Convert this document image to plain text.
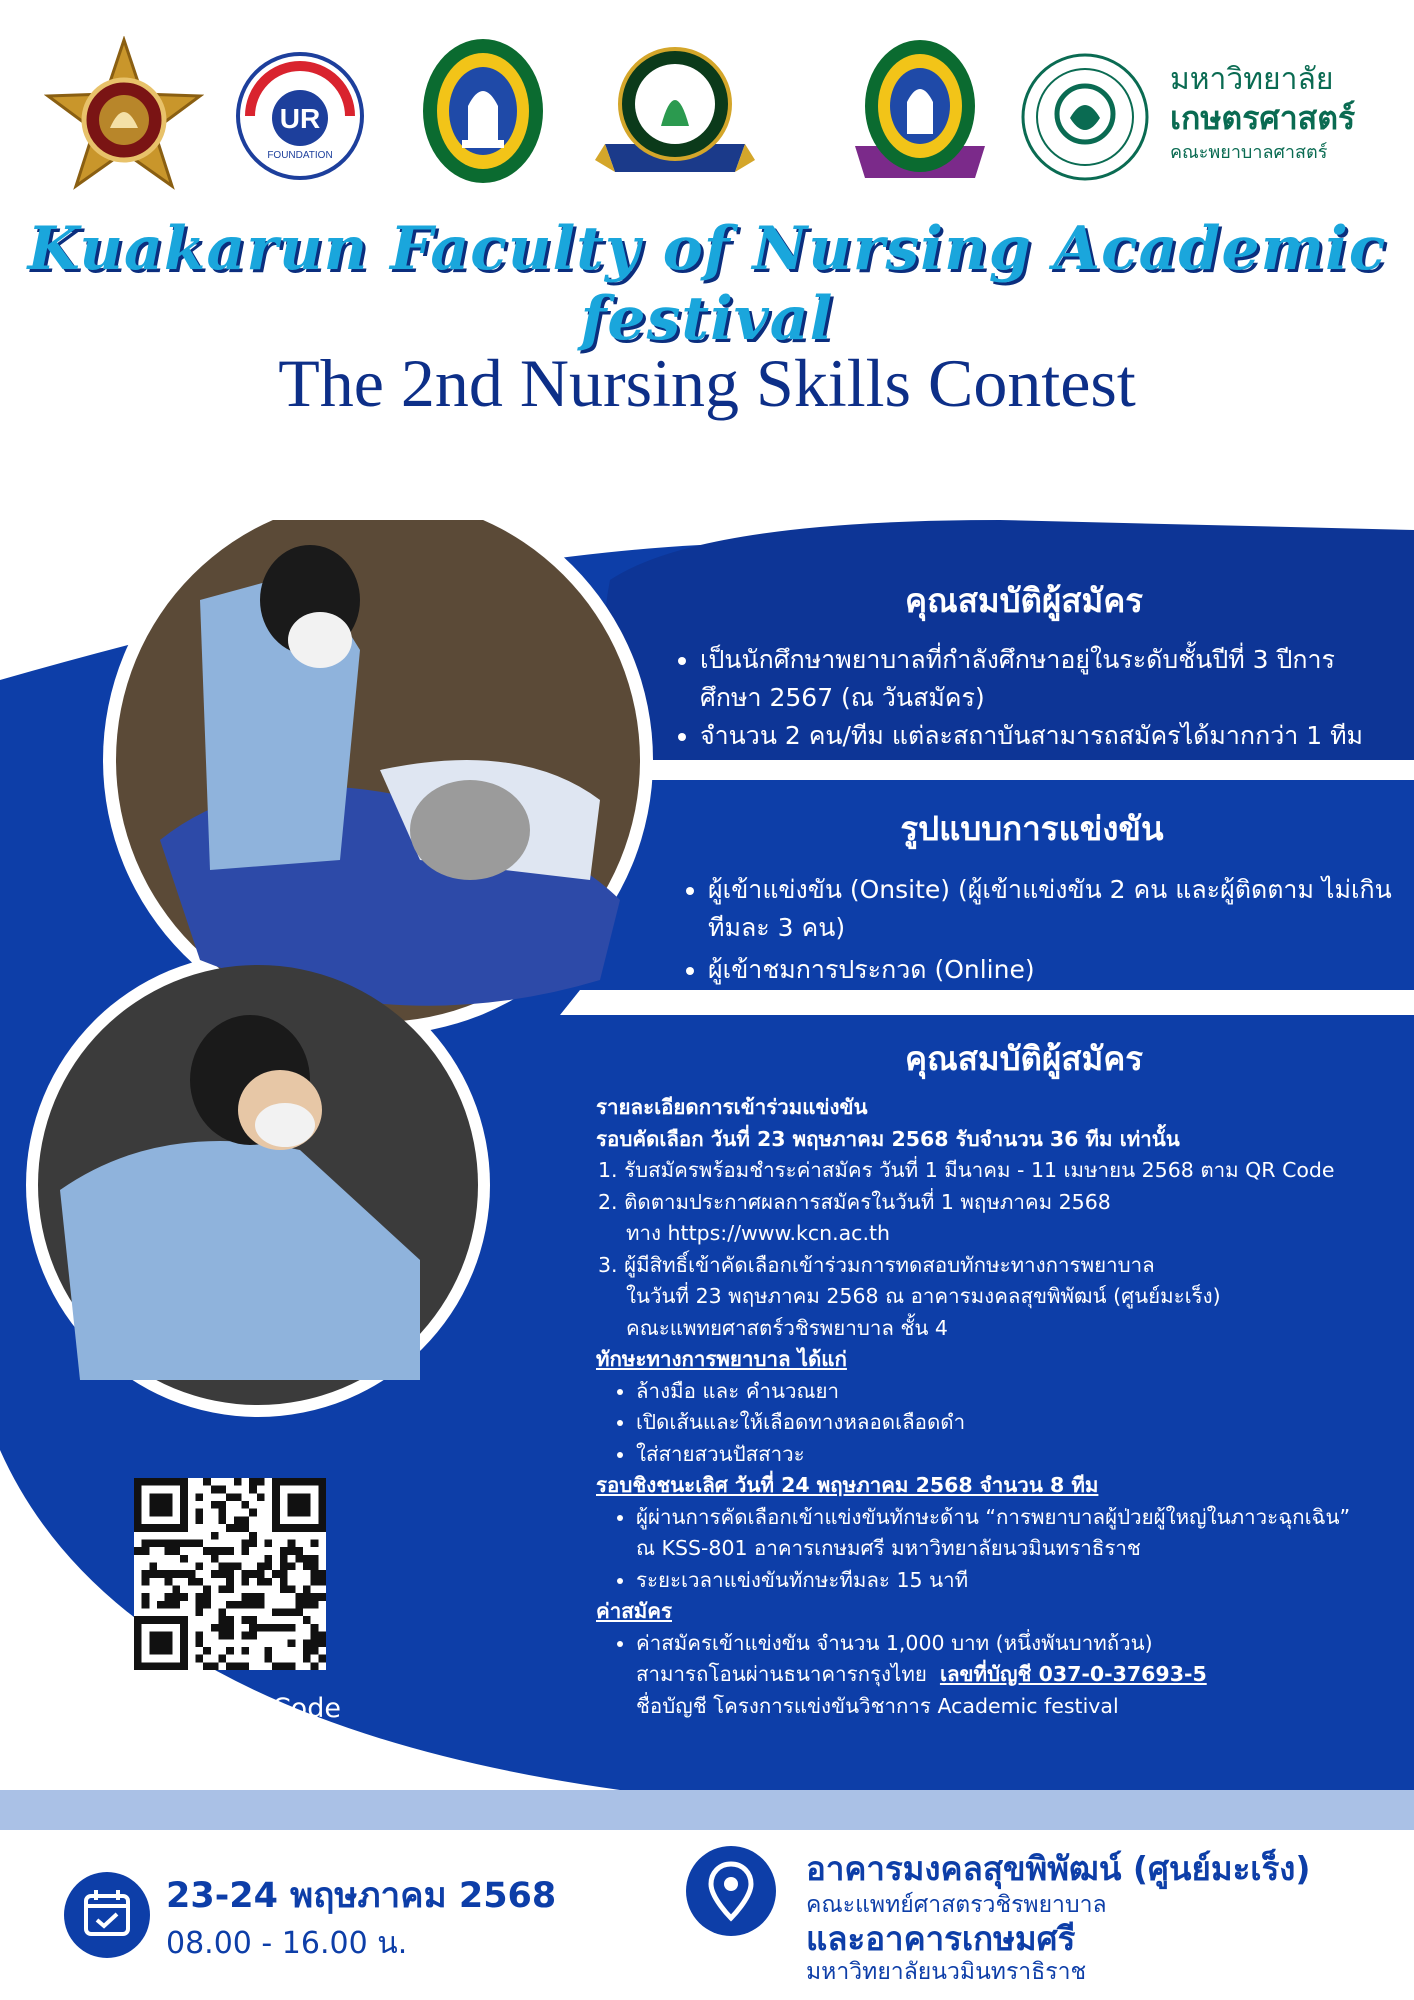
UR
FOUNDATION
มหาวิทยาลัย
เกษตรศาสตร์
คณะพยาบาลศาสตร์
Kuakarun Faculty of Nursing Academic festival
The 2nd Nursing Skills Contest
คุณสมบัติผู้สมัคร
• เป็นนักศึกษาพยาบาลที่กำลังศึกษาอยู่ในระดับชั้นปีที่ 3 ปีการศึกษา 2567 (ณ วันสมัคร)
• จำนวน 2 คน/ทีม แต่ละสถาบันสามารถสมัครได้มากกว่า 1 ทีม
รูปแบบการแข่งขัน
• ผู้เข้าแข่งขัน (Onsite) (ผู้เข้าแข่งขัน 2 คน และผู้ติดตาม ไม่เกินทีมละ 3 คน)
• ผู้เข้าชมการประกวด (Online)
คุณสมบัติผู้สมัคร
รายละเอียดการเข้าร่วมแข่งขัน
รอบคัดเลือก วันที่ 23 พฤษภาคม 2568 รับจำนวน 36 ทีม เท่านั้น
1. รับสมัครพร้อมชำระค่าสมัคร วันที่ 1 มีนาคม - 11 เมษายน 2568 ตาม QR Code
2. ติดตามประกาศผลการสมัครในวันที่ 1 พฤษภาคม 2568
ทาง https://www.kcn.ac.th
3. ผู้มีสิทธิ์เข้าคัดเลือกเข้าร่วมการทดสอบทักษะทางการพยาบาล
ในวันที่ 23 พฤษภาคม 2568 ณ อาคารมงคลสุขพิพัฒน์ (ศูนย์มะเร็ง)
คณะแพทยศาสตร์วชิรพยาบาล ชั้น 4
ทักษะทางการพยาบาล ได้แก่
• ล้างมือ และ คำนวณยา
• เปิดเส้นและให้เลือดทางหลอดเลือดดำ
• ใส่สายสวนปัสสาวะ
รอบชิงชนะเลิศ วันที่ 24 พฤษภาคม 2568 จำนวน 8 ทีม
• ผู้ผ่านการคัดเลือกเข้าแข่งขันทักษะด้าน “การพยาบาลผู้ป่วยผู้ใหญ่ในภาวะฉุกเฉิน”
ณ KSS-801 อาคารเกษมศรี มหาวิทยาลัยนวมินทราธิราช
• ระยะเวลาแข่งขันทักษะทีมละ 15 นาที
ค่าสมัคร
• ค่าสมัครเข้าแข่งขัน จำนวน 1,000 บาท (หนึ่งพันบาทถ้วน)
สามารถโอนผ่านธนาคารกรุงไทย เลขที่บัญชี 037-0-37693-5
ชื่อบัญชี โครงการแข่งขันวิชาการ Academic festival
Scan QR Code
สมัครเข้าแข่งขัน
23-24 พฤษภาคม 2568
08.00 - 16.00 น.
อาคารมงคลสุขพิพัฒน์ (ศูนย์มะเร็ง)
คณะแพทย์ศาสตรวชิรพยาบาล
และอาคารเกษมศรี
มหาวิทยาลัยนวมินทราธิราช
